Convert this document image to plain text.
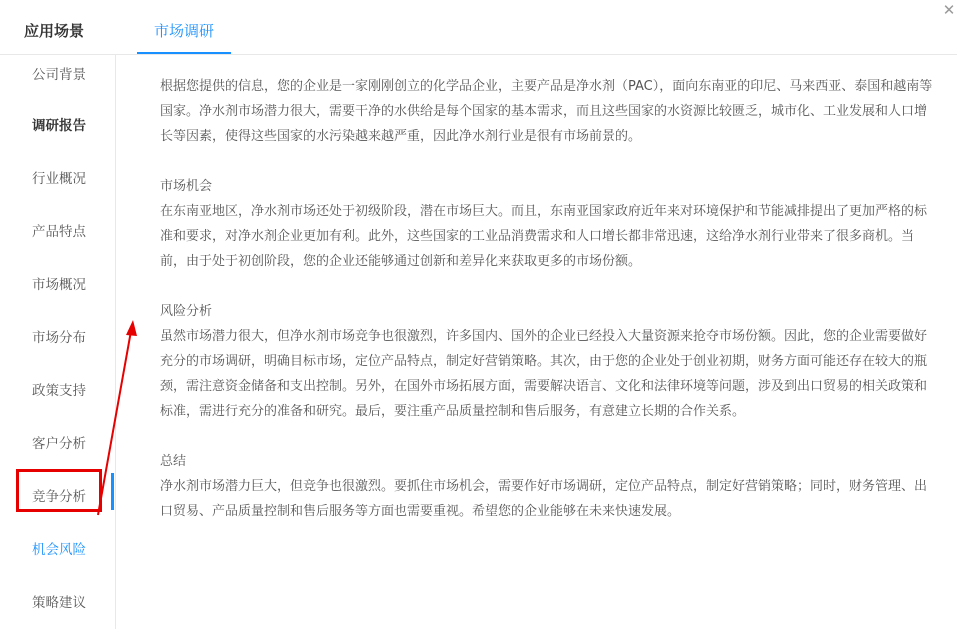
✕
应用场景	市场调研
公司背景
调研报告
行业概况
产品特点
市场概况
市场分布
政策支持
客户分析
竞争分析
机会风险
策略建议

根据您提供的信息，您的企业是一家刚刚创立的化学品企业，主要产品是净水剂（PAC），面向东南亚的印尼、马来西亚、泰国和越南等国家。净水剂市场潜力很大，需要干净的水供给是每个国家的基本需求，而且这些国家的水资源比较匮乏，城市化、工业发展和人口增长等因素，使得这些国家的水污染越来越严重，因此净水剂行业是很有市场前景的。

市场机会
在东南亚地区，净水剂市场还处于初级阶段，潜在市场巨大。而且，东南亚国家政府近年来对环境保护和节能减排提出了更加严格的标准和要求，对净水剂企业更加有利。此外，这些国家的工业品消费需求和人口增长都非常迅速，这给净水剂行业带来了很多商机。当前，由于处于初创阶段，您的企业还能够通过创新和差异化来获取更多的市场份额。

风险分析
虽然市场潜力很大，但净水剂市场竞争也很激烈，许多国内、国外的企业已经投入大量资源来抢夺市场份额。因此，您的企业需要做好充分的市场调研，明确目标市场，定位产品特点，制定好营销策略。其次，由于您的企业处于创业初期，财务方面可能还存在较大的瓶颈，需注意资金储备和支出控制。另外，在国外市场拓展方面，需要解决语言、文化和法律环境等问题，涉及到出口贸易的相关政策和标准，需进行充分的准备和研究。最后，要注重产品质量控制和售后服务，有意建立长期的合作关系。

总结
净水剂市场潜力巨大，但竞争也很激烈。要抓住市场机会，需要作好市场调研，定位产品特点，制定好营销策略；同时，财务管理、出口贸易、产品质量控制和售后服务等方面也需要重视。希望您的企业能够在未来快速发展。
